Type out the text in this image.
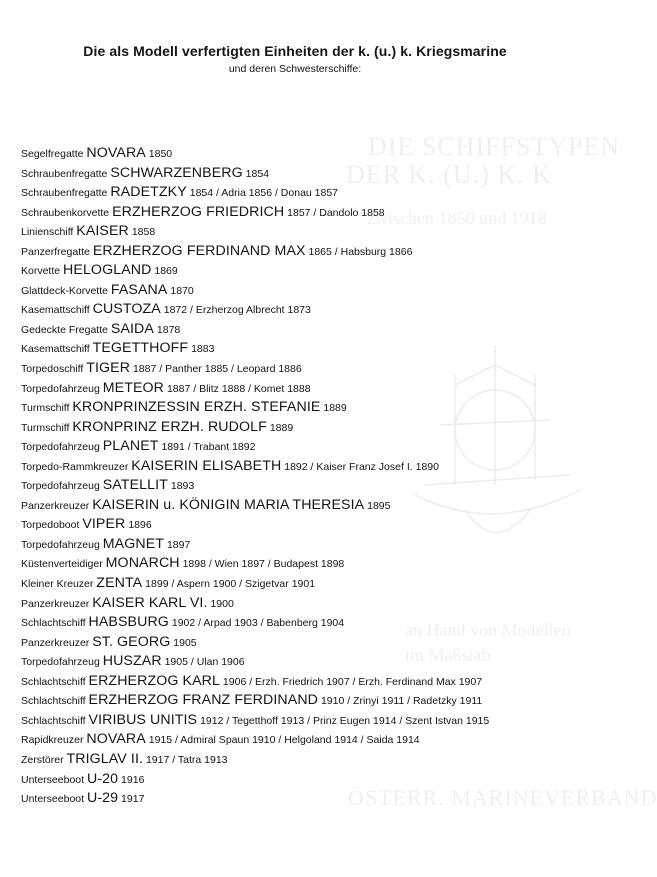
DIE SCHIFFSTYPEN
DER K. (U.) K. K
zwischen 1850 und 1918
an Hand von Modellen
im Maßstab
ÖSTERR. MARINEVERBAND
Die als Modell verfertigten Einheiten der k. (u.) k. Kriegsmarine
und deren Schwesterschiffe:
Segelfregatte NOVARA 1850
Schraubenfregatte SCHWARZENBERG 1854
Schraubenfregatte RADETZKY 1854 / Adria 1856 / Donau 1857
Schraubenkorvette ERZHERZOG FRIEDRICH 1857 / Dandolo 1858
Linienschiff KAISER 1858
Panzerfregatte ERZHERZOG FERDINAND MAX 1865 / Habsburg 1866
Korvette HELOGLAND 1869
Glattdeck-Korvette FASANA 1870
Kasemattschiff CUSTOZA 1872 / Erzherzog Albrecht 1873
Gedeckte Fregatte SAIDA 1878
Kasemattschiff TEGETTHOFF 1883
Torpedoschiff TIGER 1887 / Panther 1885 / Leopard 1886
Torpedofahrzeug METEOR 1887 / Blitz 1888 / Komet 1888
Turmschiff KRONPRINZESSIN ERZH. STEFANIE 1889
Turmschiff KRONPRINZ ERZH. RUDOLF 1889
Torpedofahrzeug PLANET 1891 / Trabant 1892
Torpedo-Rammkreuzer KAISERIN ELISABETH 1892 / Kaiser Franz Josef I. 1890
Torpedofahrzeug SATELLIT 1893
Panzerkreuzer KAISERIN u. KÖNIGIN MARIA THERESIA 1895
Torpedoboot VIPER 1896
Torpedofahrzeug MAGNET 1897
Küstenverteidiger MONARCH 1898 / Wien 1897 / Budapest 1898
Kleiner Kreuzer ZENTA 1899 / Aspern 1900 / Szigetvar 1901
Panzerkreuzer KAISER KARL VI. 1900
Schlachtschiff HABSBURG 1902 / Arpad 1903 / Babenberg 1904
Panzerkreuzer ST. GEORG 1905
Torpedofahrzeug HUSZAR 1905 / Ulan 1906
Schlachtschiff ERZHERZOG KARL 1906 / Erzh. Friedrich 1907 / Erzh. Ferdinand Max 1907
Schlachtschiff ERZHERZOG FRANZ FERDINAND 1910 / Zrinyi 1911 / Radetzky 1911
Schlachtschiff VIRIBUS UNITIS 1912 / Tegetthoff 1913 / Prinz Eugen 1914 / Szent Istvan 1915
Rapidkreuzer NOVARA 1915 / Admiral Spaun 1910 / Helgoland 1914 / Saida 1914
Zerstörer TRIGLAV II. 1917 / Tatra 1913
Unterseeboot U-20 1916
Unterseeboot U-29 1917
